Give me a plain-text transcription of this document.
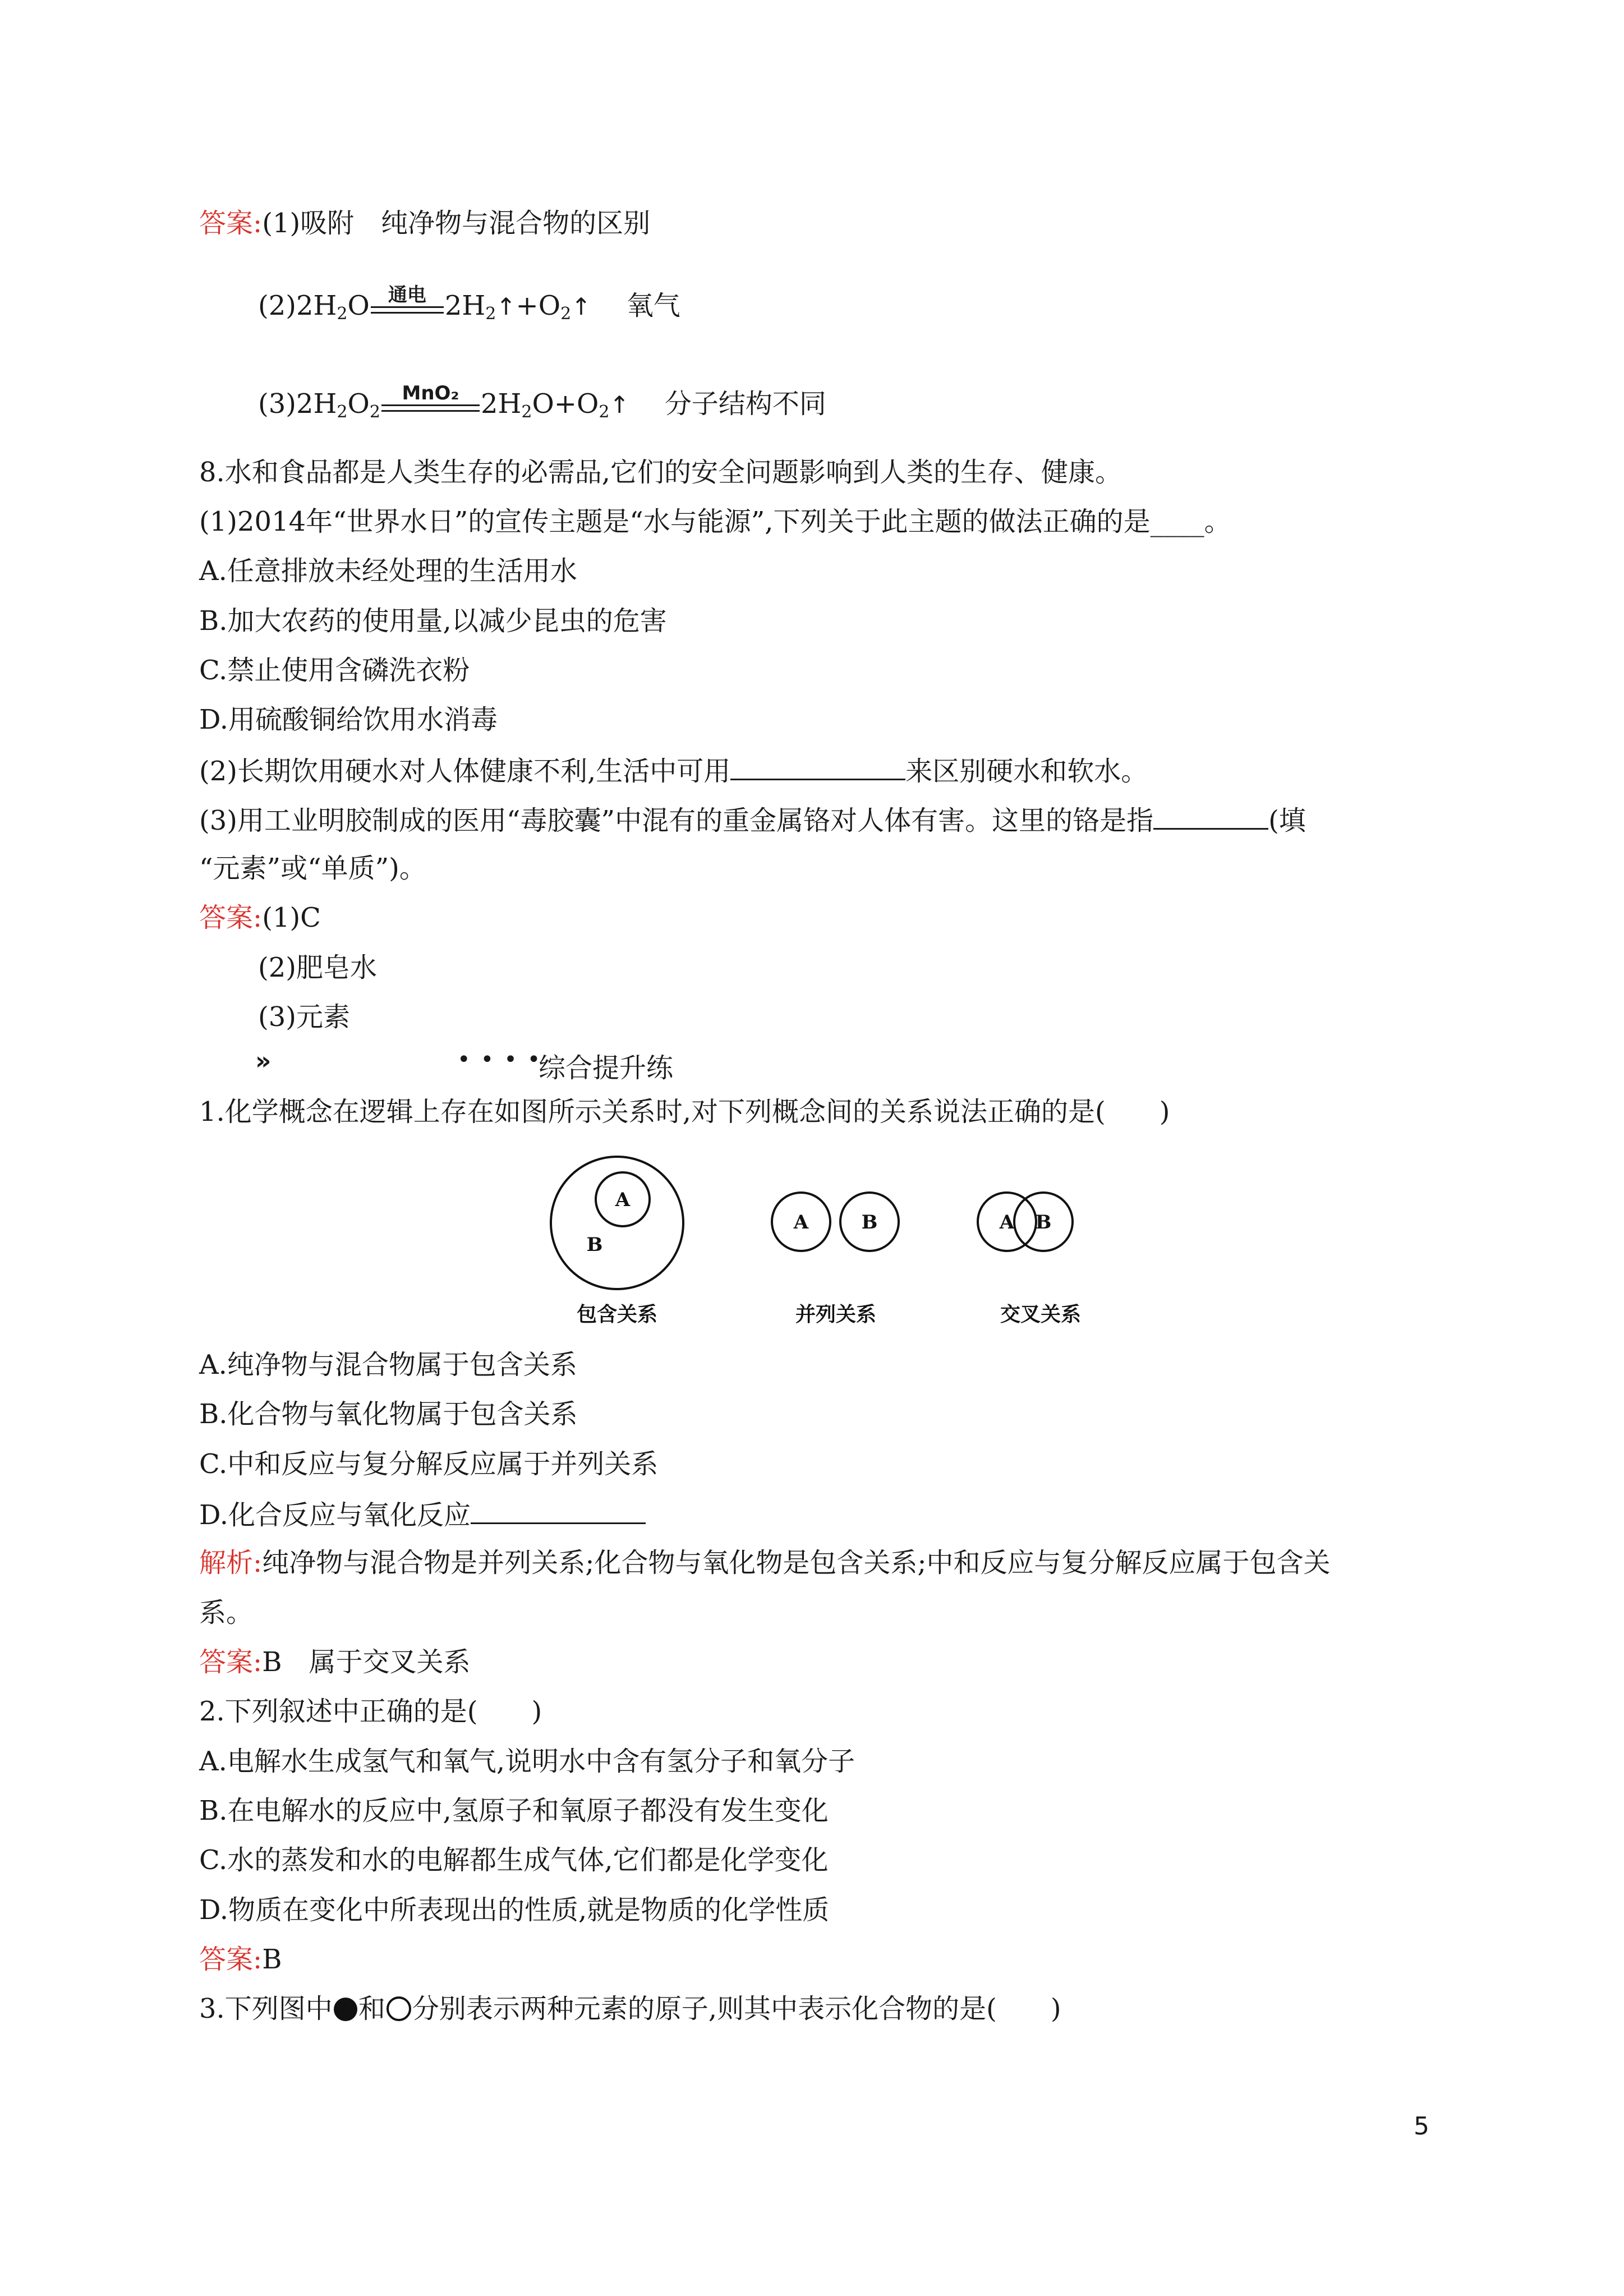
答案:(1)吸附　纯净物与混合物的区别

$(2)2H_2O$ 通电 $2H_2↑+O_2↑$　 氧气

$(3)2H_2O_2$
MnO₂ $2H_2O+O_2↑$　 分子结构不同

8.水和食品都是人类生存的必需品,它们的安全问题影响到人类的生存、健康。

(1)2014年“世界水日”的宣传主题是“水与能源”,下列关于此主题的做法正确的是____。

A.任意排放未经处理的生活用水

B.加大农药的使用量,以减少昆虫的危害

C.禁止使用含磷洗衣粉

D.用硫酸铜给饮用水消毒

(2)长期饮用硬水对人体健康不利,生活中可用	来区别硬水和软水。

(3)用工业明胶制成的医用“毒胶囊”中混有的重金属铬对人体有害。这里的铬是指	(填

“元素”或“单质”)。

答案:(1)C

(2)肥皂水

(3)元素

»	••••
综合提升练

1.化学概念在逻辑上存在如图所示关系时,对下列概念间的关系说法正确的是(　　)

A
B
包含关系
A	B
并列关系
A B
交叉关系

A.纯净物与混合物属于包含关系

B.化合物与氧化物属于包含关系

C.中和反应与复分解反应属于并列关系

D.化合反应与氧化反应

解析:纯净物与混合物是并列关系;化合物与氧化物是包含关系;中和反应与复分解反应属于包含关

系。

答案:B　属于交叉关系

2.下列叙述中正确的是(　　)

A.电解水生成氢气和氧气,说明水中含有氢分子和氧分子

B.在电解水的反应中,氢原子和氧原子都没有发生变化

C.水的蒸发和水的电解都生成气体,它们都是化学变化

D.物质在变化中所表现出的性质,就是物质的化学性质

答案:B

3.下列图中 和 分别表示两种元素的原子,则其中表示化合物的是(　　)

5
